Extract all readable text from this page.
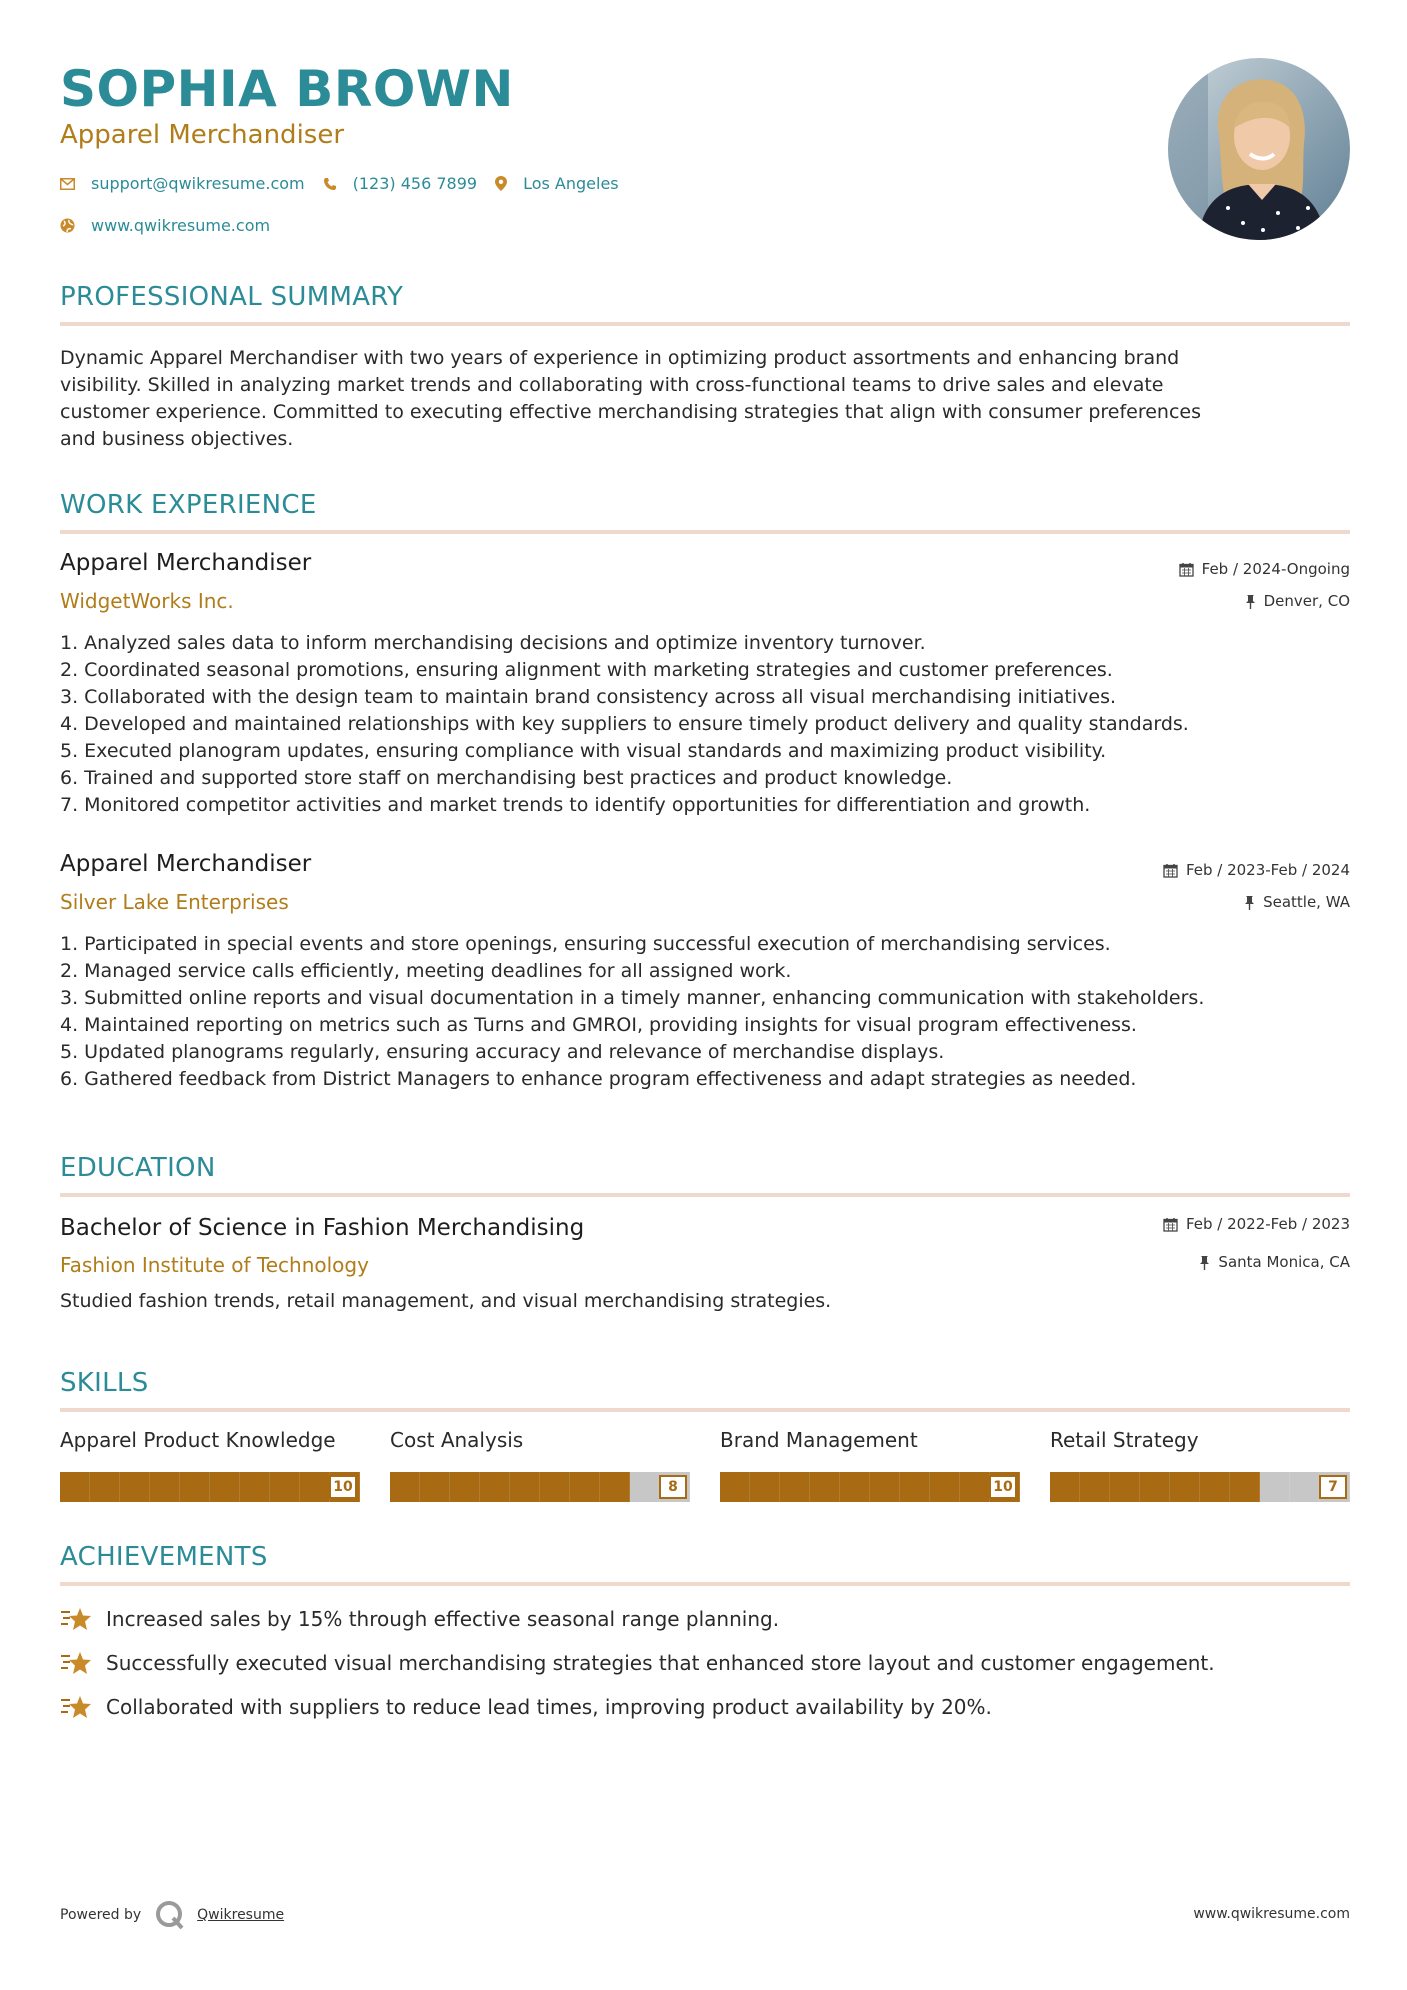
SOPHIA BROWN
Apparel Merchandiser
support@qwikresume.com	(123) 456 7899	Los Angeles
www.qwikresume.com
PROFESSIONAL SUMMARY
Dynamic Apparel Merchandiser with two years of experience in optimizing product assortments and enhancing brand
visibility. Skilled in analyzing market trends and collaborating with cross-functional teams to drive sales and elevate
customer experience. Committed to executing effective merchandising strategies that align with consumer preferences
and business objectives.
WORK EXPERIENCE
Apparel Merchandiser
WidgetWorks Inc.
Feb / 2024-Ongoing
Denver, CO
1. Analyzed sales data to inform merchandising decisions and optimize inventory turnover.
2. Coordinated seasonal promotions, ensuring alignment with marketing strategies and customer preferences.
3. Collaborated with the design team to maintain brand consistency across all visual merchandising initiatives.
4. Developed and maintained relationships with key suppliers to ensure timely product delivery and quality standards.
5. Executed planogram updates, ensuring compliance with visual standards and maximizing product visibility.
6. Trained and supported store staff on merchandising best practices and product knowledge.
7. Monitored competitor activities and market trends to identify opportunities for differentiation and growth.
Apparel Merchandiser
Silver Lake Enterprises
Feb / 2023-Feb / 2024
Seattle, WA
1. Participated in special events and store openings, ensuring successful execution of merchandising services.
2. Managed service calls efficiently, meeting deadlines for all assigned work.
3. Submitted online reports and visual documentation in a timely manner, enhancing communication with stakeholders.
4. Maintained reporting on metrics such as Turns and GMROI, providing insights for visual program effectiveness.
5. Updated planograms regularly, ensuring accuracy and relevance of merchandise displays.
6. Gathered feedback from District Managers to enhance program effectiveness and adapt strategies as needed.
EDUCATION
Bachelor of Science in Fashion Merchandising
Fashion Institute of Technology
Feb / 2022-Feb / 2023
Santa Monica, CA
Studied fashion trends, retail management, and visual merchandising strategies.
SKILLS
Apparel Product Knowledge
10
Cost Analysis
8
Brand Management
10
Retail Strategy
7
ACHIEVEMENTS
Increased sales by 15% through effective seasonal range planning.
Successfully executed visual merchandising strategies that enhanced store layout and customer engagement.
Collaborated with suppliers to reduce lead times, improving product availability by 20%.
Powered by	Qwikresume	www.qwikresume.com
